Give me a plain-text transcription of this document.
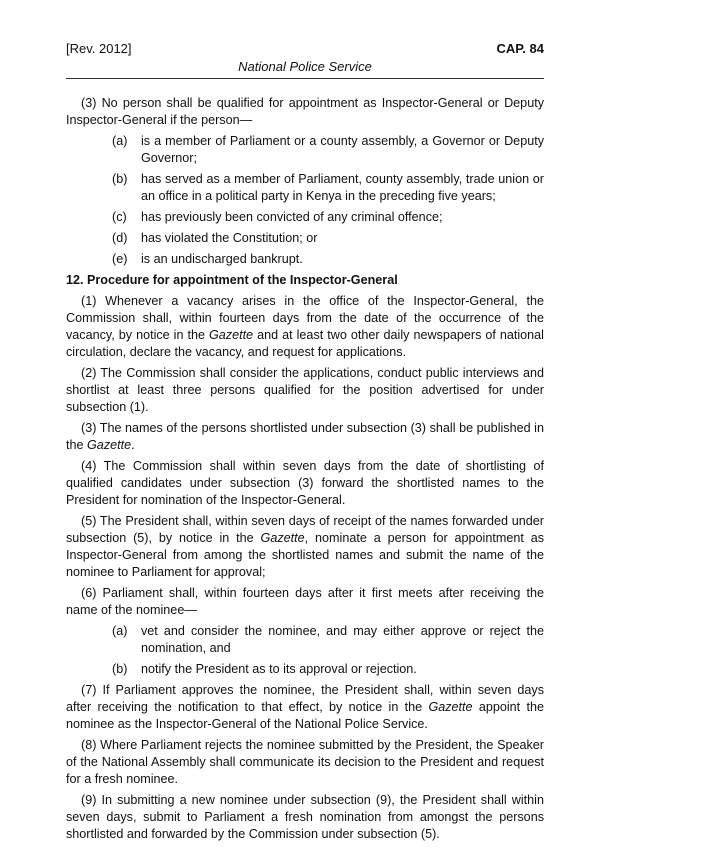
[Rev. 2012]	CAP. 84
National Police Service

(3) No person shall be qualified for appointment as Inspector-General or Deputy Inspector-General if the person—

(a)	is a member of Parliament or a county assembly, a Governor or Deputy Governor;
(b)	has served as a member of Parliament, county assembly, trade union or an office in a political party in Kenya in the preceding five years;
(c)	has previously been convicted of any criminal offence;
(d)	has violated the Constitution; or
(e)	is an undischarged bankrupt.

12. Procedure for appointment of the Inspector-General

(1) Whenever a vacancy arises in the office of the Inspector-General, the Commission shall, within fourteen days from the date of the occurrence of the vacancy, by notice in the Gazette and at least two other daily newspapers of national circulation, declare the vacancy, and request for applications.

(2) The Commission shall consider the applications, conduct public interviews and shortlist at least three persons qualified for the position advertised for under subsection (1).

(3) The names of the persons shortlisted under subsection (3) shall be published in the Gazette.

(4) The Commission shall within seven days from the date of shortlisting of qualified candidates under subsection (3) forward the shortlisted names to the President for nomination of the Inspector-General.

(5) The President shall, within seven days of receipt of the names forwarded under subsection (5), by notice in the Gazette, nominate a person for appointment as Inspector-General from among the shortlisted names and submit the name of the nominee to Parliament for approval;

(6) Parliament shall, within fourteen days after it first meets after receiving the name of the nominee—

(a)	vet and consider the nominee, and may either approve or reject the nomination, and
(b)	notify the President as to its approval or rejection.

(7) If Parliament approves the nominee, the President shall, within seven days after receiving the notification to that effect, by notice in the Gazette appoint the nominee as the Inspector-General of the National Police Service.

(8) Where Parliament rejects the nominee submitted by the President, the Speaker of the National Assembly shall communicate its decision to the President and request for a fresh nominee.

(9) In submitting a new nominee under subsection (9), the President shall within seven days, submit to Parliament a fresh nomination from amongst the persons shortlisted and forwarded by the Commission under subsection (5).
